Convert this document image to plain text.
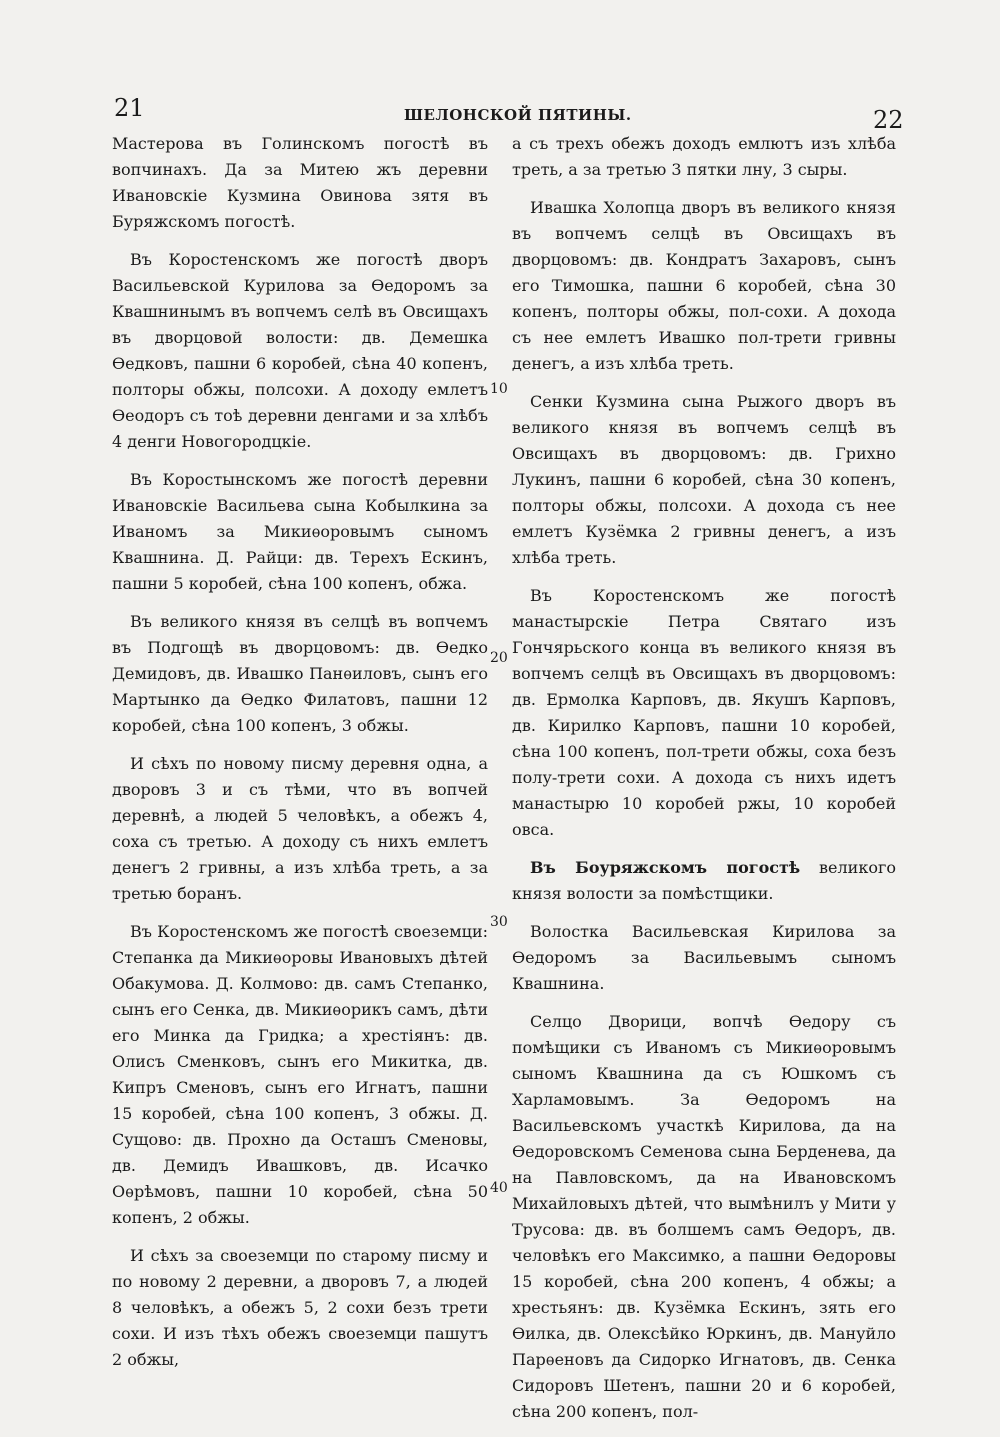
21	ШЕЛОНСКОЙ ПЯТИНЫ.	22

Мастерова въ Голинскомъ погостѣ въ вопчинахъ. Да за Митею жъ деревни Ивановскiе Кузмина Овинова зятя въ Буряжскомъ погостѣ.

Въ Коростенскомъ же погостѣ дворъ Васильевской Курилова за Ѳедоромъ за Квашнинымъ въ вопчемъ селѣ въ Овсищахъ въ дворцовой волости: дв. Демешка Ѳедковъ, пашни 6 коробей, сѣна 40 копенъ, полторы обжы, полсохи. А доходу емлетъ Ѳеодоръ съ тоѣ деревни денгами и за хлѣбъ 4 денги Новогородцкiе.

Въ Коростынскомъ же погостѣ деревни Ивановскiе Васильева сына Кобылкина за Иваномъ за Микиѳоровымъ сыномъ Квашнина. Д. Райци: дв. Терехъ Ескинъ, пашни 5 коробей, сѣна 100 копенъ, обжа.

Въ великого князя въ селцѣ въ вопчемъ въ Подгощѣ въ дворцовомъ: дв. Ѳедко Демидовъ, дв. Ивашко Панѳиловъ, сынъ его Мартынко да Ѳедко Филатовъ, пашни 12 коробей, сѣна 100 копенъ, 3 обжы.

И сѣхъ по новому писму деревня одна, а дворовъ 3 и съ тѣми, что въ вопчей деревнѣ, а людей 5 человѣкъ, а обежъ 4, соха съ третью. А доходу съ нихъ емлетъ денегъ 2 гривны, а изъ хлѣба треть, а за третью боранъ.

Въ Коростенскомъ же погостѣ своеземци: Степанка да Микиѳоровы Ивановыхъ дѣтей Обакумова. Д. Колмово: дв. самъ Степанко, сынъ его Сенка, дв. Микиѳорикъ самъ, дѣти его Минка да Гридка; а хрестiянъ: дв. Олисъ Сменковъ, сынъ его Микитка, дв. Кипръ Сменовъ, сынъ его Игнатъ, пашни 15 коробей, сѣна 100 копенъ, 3 обжы. Д. Сущово: дв. Прохно да Осташъ Сменовы, дв. Демидъ Ивашковъ, дв. Исачко Оѳрѣмовъ, пашни 10 коробей, сѣна 50 копенъ, 2 обжы.

И сѣхъ за своеземци по старому писму и по новому 2 деревни, а дворовъ 7, а людей 8 человѣкъ, а обежъ 5, 2 сохи безъ трети сохи. И изъ тѣхъ обежъ своеземци пашутъ 2 обжы,

а съ трехъ обежъ доходъ емлютъ изъ хлѣба треть, а за третью 3 пятки лну, 3 сыры.

Ивашка Холопца дворъ въ великого князя въ вопчемъ селцѣ въ Овсищахъ въ дворцовомъ: дв. Кондратъ Захаровъ, сынъ его Тимошка, пашни 6 коробей, сѣна 30 копенъ, полторы обжы, пол-сохи. А дохода съ нее емлетъ Ивашко пол-трети гривны денегъ, а изъ хлѣба треть.

Сенки Кузмина сына Рыжого дворъ въ великого князя въ вопчемъ селцѣ въ Овсищахъ въ дворцовомъ: дв. Грихно Лукинъ, пашни 6 коробей, сѣна 30 копенъ, полторы обжы, полсохи. А дохода съ нее емлетъ Кузёмка 2 гривны денегъ, а изъ хлѣба треть.

Въ Коростенскомъ же погостѣ манастырскiе Петра Святаго изъ Гончярьского конца въ великого князя въ вопчемъ селцѣ въ Овсищахъ въ дворцовомъ: дв. Ермолка Карповъ, дв. Якушъ Карповъ, дв. Кирилко Карповъ, пашни 10 коробей, сѣна 100 копенъ, пол-трети обжы, соха безъ полу-трети сохи. А дохода съ нихъ идетъ манастырю 10 коробей ржы, 10 коробей овса.

Въ Боуряжскомъ погостѣ великого князя волости за помѣстщики.

Волостка Васильевская Кирилова за Ѳедоромъ за Васильевымъ сыномъ Квашнина.

Селцо Дворици, вопчѣ Ѳедору съ помѣщики съ Иваномъ съ Микиѳоровымъ сыномъ Квашнина да съ Юшкомъ съ Харламовымъ. За Ѳедоромъ на Васильевскомъ участкѣ Кирилова, да на Ѳедоровскомъ Семенова сына Берденева, да на Павловскомъ, да на Ивановскомъ Михайловыхъ дѣтей, что вымѣнилъ у Мити у Трусова: дв. въ болшемъ самъ Ѳедоръ, дв. человѣкъ его Максимко, а пашни Ѳедоровы 15 коробей, сѣна 200 копенъ, 4 обжы; а хрестьянъ: дв. Кузёмка Ескинъ, зять его Ѳилка, дв. Олексѣйко Юркинъ, дв. Мануйло Парѳеновъ да Сидорко Игнатовъ, дв. Сенка Сидоровъ Шетенъ, пашни 20 и 6 коробей, сѣна 200 копенъ, пол-

10
20
30
40
